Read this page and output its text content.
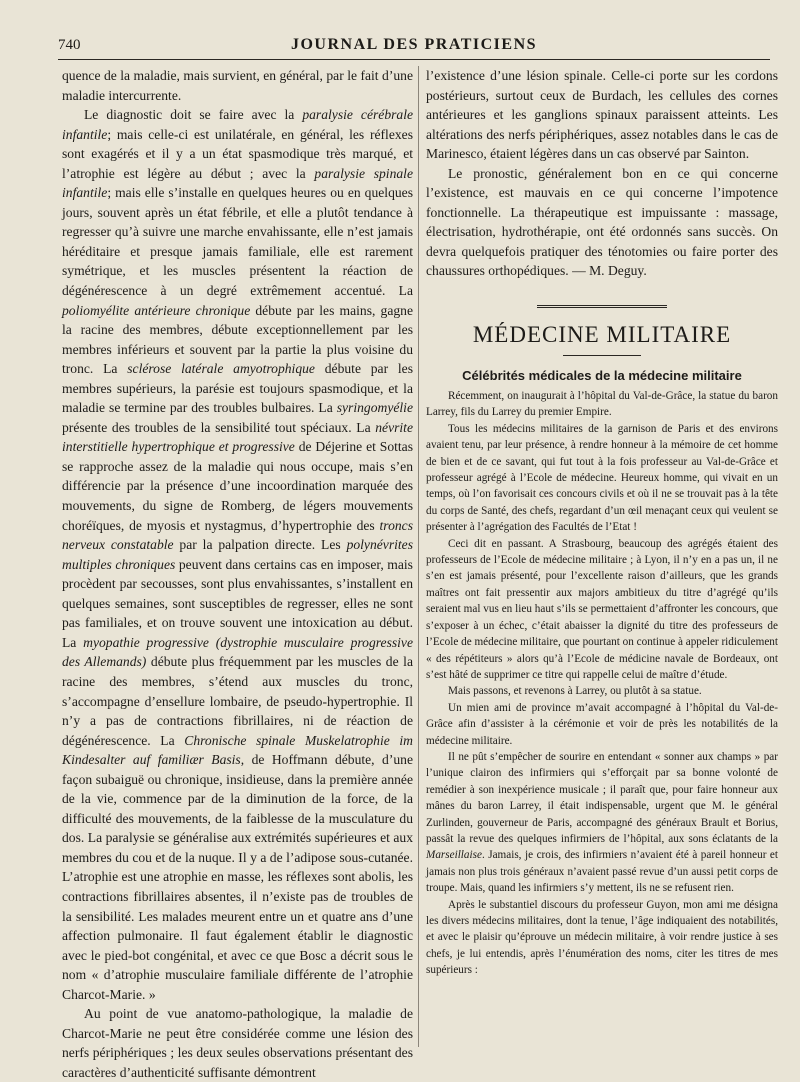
740	JOURNAL DES PRATICIENS

quence de la maladie, mais survient, en général, par le fait d’une maladie intercurrente.

Le diagnostic doit se faire avec la paralysie cérébrale infantile; mais celle-ci est unilatérale, en général, les réflexes sont exagérés et il y a un état spasmodique très marqué, et l’atrophie est légère au début ; avec la paralysie spinale infantile; mais elle s’installe en quelques heures ou en quelques jours, souvent après un état fébrile, et elle a plutôt tendance à regresser qu’à suivre une marche envahissante, elle n’est jamais héréditaire et presque jamais familiale, elle est rarement symétrique, et les muscles présentent la réaction de dégénérescence à un degré extrêmement accentué. La poliomyélite antérieure chronique débute par les mains, gagne la racine des membres, débute exceptionnellement par les membres inférieurs et souvent par la partie la plus voisine du tronc. La sclérose latérale amyotrophique débute par les membres supérieurs, la parésie est toujours spasmodique, et la maladie se termine par des troubles bulbaires. La syringomyélie présente des troubles de la sensibilité tout spéciaux. La névrite interstitielle hypertrophique et progressive de Déjerine et Sottas se rapproche assez de la maladie qui nous occupe, mais s’en différencie par la présence d’une incoordination marquée des mouvements, du signe de Romberg, de légers mouvements choréïques, de myosis et nystagmus, d’hypertrophie des troncs nerveux constatable par la palpation directe. Les polynévrites multiples chroniques peuvent dans certains cas en imposer, mais procèdent par secousses, sont plus envahissantes, s’installent en quelques semaines, sont susceptibles de regresser, elles ne sont pas familiales, et on trouve souvent une intoxication au début. La myopathie progressive (dystrophie musculaire progressive des Allemands) débute plus fréquemment par les muscles de la racine des membres, s’étend aux muscles du tronc, s’accompagne d’ensellure lombaire, de pseudo-hypertrophie. Il n’y a pas de contractions fibrillaires, ni de réaction de dégénérescence. La Chronische spinale Muskelatrophie im Kindesalter auf familiær Basis, de Hoffmann débute, d’une façon subaiguë ou chronique, insidieuse, dans la première année de la vie, commence par de la diminution de la force, de la difficulté des mouvements, de la faiblesse de la musculature du dos. La paralysie se généralise aux extrémités supérieures et aux membres du cou et de la nuque. Il y a de l’adipose sous-cutanée. L’atrophie est une atrophie en masse, les réflexes sont abolis, les contractions fibrillaires absentes, il n’existe pas de troubles de la sensibilité. Les malades meurent entre un et quatre ans d’une affection pulmonaire. Il faut également établir le diagnostic avec le pied-bot congénital, et avec ce que Bosc a décrit sous le nom « d’atrophie musculaire familiale différente de l’atrophie Charcot-Marie. »

Au point de vue anatomo-pathologique, la maladie de Charcot-Marie ne peut être considérée comme une lésion des nerfs périphériques ; les deux seules observations présentant des caractères d’authenticité suffisante démontrent

l’existence d’une lésion spinale. Celle-ci porte sur les cordons postérieurs, surtout ceux de Burdach, les cellules des cornes antérieures et les ganglions spinaux paraissent atteints. Les altérations des nerfs périphériques, assez notables dans le cas de Marinesco, étaient légères dans un cas observé par Sainton.

Le pronostic, généralement bon en ce qui concerne l’existence, est mauvais en ce qui concerne l’impotence fonctionnelle. La thérapeutique est impuissante : massage, électrisation, hydrothérapie, ont été ordonnés sans succès. On devra quelquefois pratiquer des ténotomies ou faire porter des chaussures orthopédiques. — M. Deguy.

MÉDECINE MILITAIRE
Célébrités médicales de la médecine militaire

Récemment, on inaugurait à l’hôpital du Val-de-Grâce, la statue du baron Larrey, fils du Larrey du premier Empire.

Tous les médecins militaires de la garnison de Paris et des environs avaient tenu, par leur présence, à rendre honneur à la mémoire de cet homme de bien et de ce savant, qui fut tout à la fois professeur au Val-de-Grâce et professeur agrégé à l’Ecole de médecine. Heureux homme, qui vivait en un temps, où l’on favorisait ces concours civils et où il ne se trouvait pas à la tête du corps de Santé, des chefs, regardant d’un œil menaçant ceux qui veulent se présenter à l’agrégation des Facultés de l’Etat !

Ceci dit en passant. A Strasbourg, beaucoup des agrégés étaient des professeurs de l’Ecole de médecine militaire ; à Lyon, il n’y en a pas un, il ne s’en est jamais présenté, pour l’excellente raison d’ailleurs, que les grands maîtres ont fait pressentir aux majors ambitieux du titre d’agrégé qu’ils seraient mal vus en lieu haut s’ils se permettaient d’affronter les concours, que s’exposer à un échec, c’était abaisser la dignité du titre des professeurs de l’Ecole de médecine militaire, que pourtant on continue à appeler ridiculement « des répétiteurs » alors qu’à l’Ecole de médicine navale de Bordeaux, ont s’est hâté de supprimer ce titre qui rappelle celui de maître d’étude.

Mais passons, et revenons à Larrey, ou plutôt à sa statue.

Un mien ami de province m’avait accompagné à l’hôpital du Val-de-Grâce afin d’assister à la cérémonie et voir de près les notabilités de la médecine militaire.

Il ne pût s’empêcher de sourire en entendant « sonner aux champs » par l’unique clairon des infirmiers qui s’efforçait par sa bonne volonté de remédier à son inexpérience musicale ; il paraît que, pour faire honneur aux mânes du baron Larrey, il était indispensable, urgent que M. le général Zurlinden, gouverneur de Paris, accompagné des généraux Brault et Borius, passât la revue des quelques infirmiers de l’hôpital, aux sons éclatants de la Marseillaise. Jamais, je crois, des infirmiers n’avaient été à pareil honneur et jamais non plus trois généraux n’avaient passé revue d’un aussi petit corps de troupe. Mais, quand les infirmiers s’y mettent, ils ne se refusent rien.

Après le substantiel discours du professeur Guyon, mon ami me désigna les divers médecins militaires, dont la tenue, l’âge indiquaient des notabilités, et avec le plaisir qu’éprouve un médecin militaire, à voir rendre justice à ses chefs, je lui entendis, après l’énumération des noms, citer les titres de mes supérieurs :
